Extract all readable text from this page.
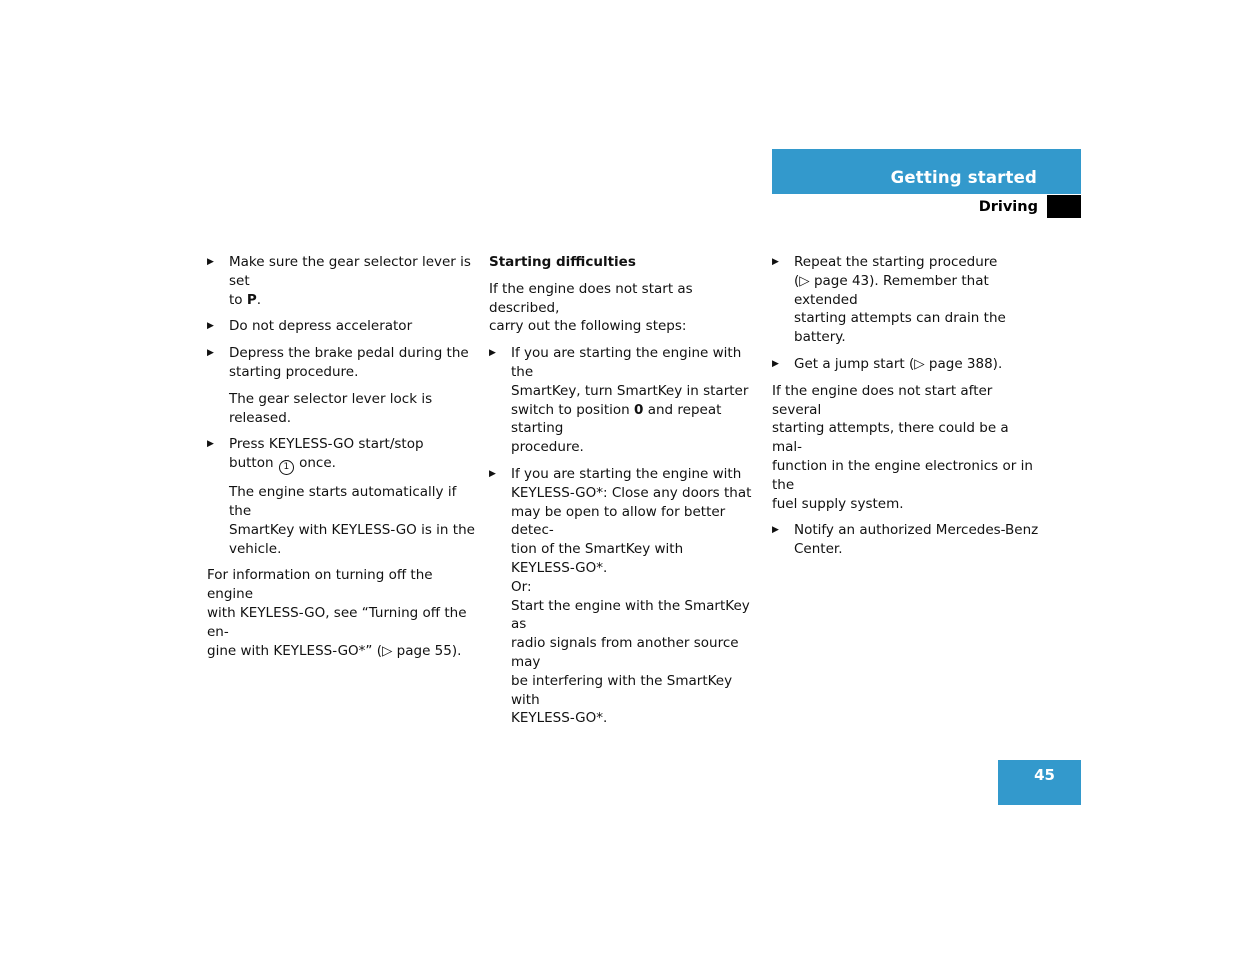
Getting started
Driving
▶ Make sure the gear selector lever is set
to P.
▶ Do not depress accelerator
▶ Depress the brake pedal during the
starting procedure.
The gear selector lever lock is released.
▶ Press KEYLESS-GO start/stop
button 1 once.
The engine starts automatically if the
SmartKey with KEYLESS-GO is in the
vehicle.
For information on turning off the engine
with KEYLESS-GO, see “Turning off the en-
gine with KEYLESS-GO*” (▷ page 55).
Starting difficulties
If the engine does not start as described,
carry out the following steps:
▶ If you are starting the engine with the
SmartKey, turn SmartKey in starter
switch to position 0 and repeat starting
procedure.
▶ If you are starting the engine with
KEYLESS-GO*: Close any doors that
may be open to allow for better detec-
tion of the SmartKey with
KEYLESS-GO*.
Or:
Start the engine with the SmartKey as
radio signals from another source may
be interfering with the SmartKey with
KEYLESS-GO*.
▶ Repeat the starting procedure
(▷ page 43). Remember that extended
starting attempts can drain the battery.
▶ Get a jump start (▷ page 388).
If the engine does not start after several
starting attempts, there could be a mal-
function in the engine electronics or in the
fuel supply system.
▶ Notify an authorized Mercedes-Benz
Center.
45
